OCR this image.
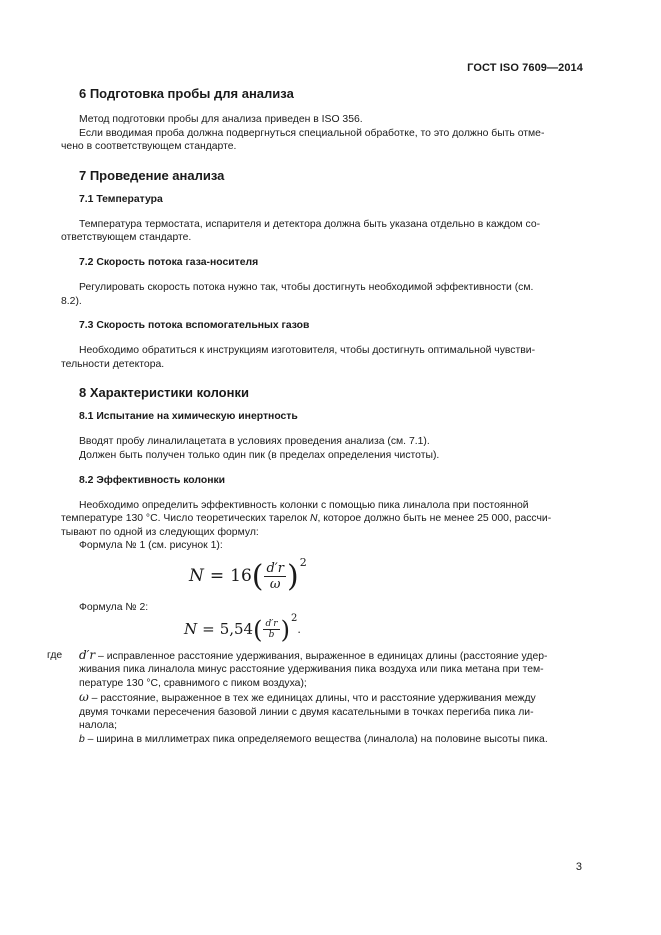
ГОСТ ISO 7609—2014
6 Подготовка пробы для анализа

Метод подготовки пробы для анализа приведен в ISO 356.

Если вводимая проба должна подвергнуться специальной обработке, то это должно быть отме-

чено в соответствующем стандарте.

7 Проведение анализа
7.1 Температура

Температура термостата, испарителя и детектора должна быть указана отдельно в каждом со-

ответствующем стандарте.

7.2 Скорость потока газа-носителя

Регулировать скорость потока нужно так, чтобы достигнуть необходимой эффективности (см.

8.2).

7.3 Скорость потока вспомогательных газов

Необходимо обратиться к инструкциям изготовителя, чтобы достигнуть оптимальной чувстви-

тельности детектора.

8 Характеристики колонки
8.1 Испытание на химическую инертность

Вводят пробу линалилацетата в условиях проведения анализа (см. 7.1).

Должен быть получен только один пик (в пределах определения чистоты).

8.2 Эффективность колонки

Необходимо определить эффективность колонки с помощью пика линалола при постоянной

температуре 130 °С. Число теоретических тарелок N, которое должно быть не менее 25 000, рассчи-

тывают по одной из следующих формул:

Формула № 1 (см. рисунок 1):

N = 16 ( $\frac{d'r}{\omega}$ ) 2

Формула № 2:

N = 5,54 ( $\frac{d'r}{b}$ ) 2
.
где d′r – исправленное расстояние удерживания, выраженное в единицах длины (расстояние удер-

живания пика линалола минус расстояние удерживания пика воздуха или пика метана при тем-

пературе 130 °С, сравнимого с пиком воздуха);

ω – расстояние, выраженное в тех же единицах длины, что и расстояние удерживания между

двумя точками пересечения базовой линии с двумя касательными в точках перегиба пика ли-

налола;

b – ширина в миллиметрах пика определяемого вещества (линалола) на половине высоты пика.

3
